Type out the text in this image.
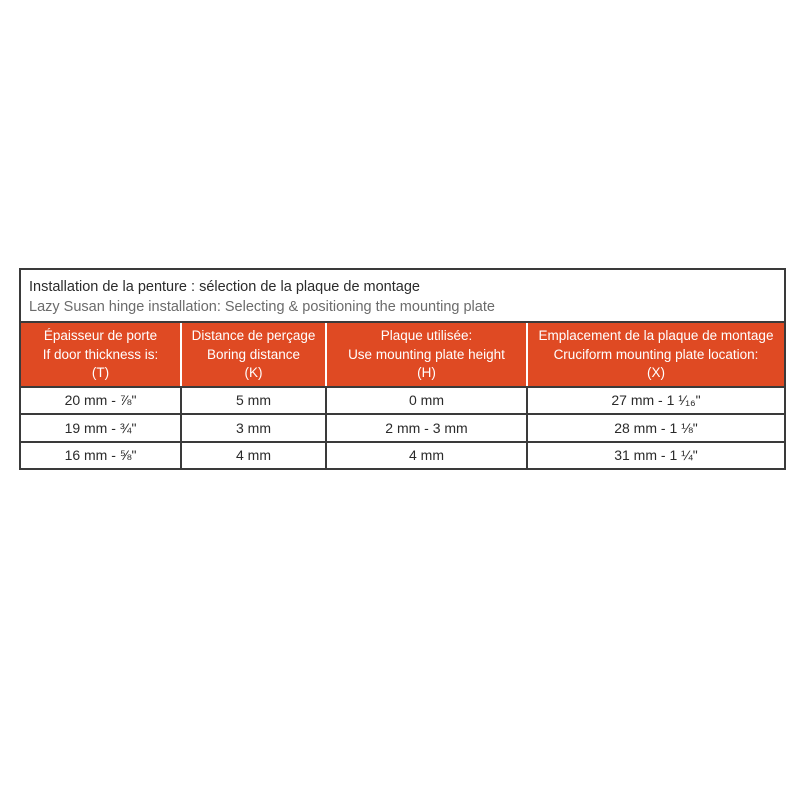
Installation de la penture : sélection de la plaque de montage
Lazy Susan hinge installation: Selecting & positioning the mounting plate
Épaisseur de porte
If door thickness is:
(T)	Distance de perçage
Boring distance
(K)	Plaque utilisée:
Use mounting plate height
(H)	Emplacement de la plaque de montage
Cruciform mounting plate location:
(X)

20 mm - ⅞"	5 mm	0 mm	27 mm - 1 ¹⁄₁₆"
19 mm - ¾"	3 mm	2 mm - 3 mm	28 mm - 1 ⅛"
16 mm - ⅝"	4 mm	4 mm	31 mm - 1 ¼"
